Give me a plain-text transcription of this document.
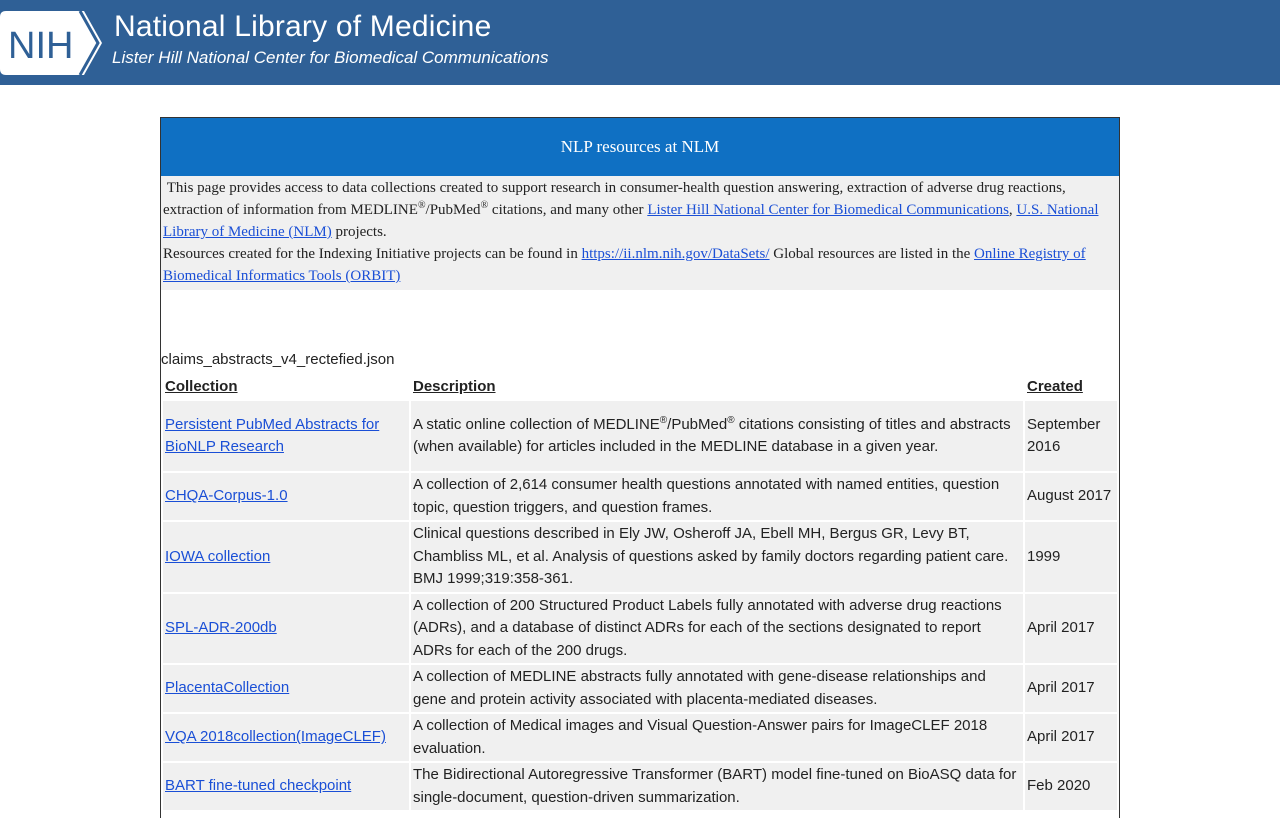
NIH National Library of Medicine
Lister Hill National Center for Biomedical Communications
NLP resources at NLM

This page provides access to data collections created to support research in consumer-health question answering, extraction of adverse drug reactions, extraction of information from MEDLINE®/PubMed® citations, and many other Lister Hill National Center for Biomedical Communications, U.S. National Library of Medicine (NLM) projects.

Resources created for the Indexing Initiative projects can be found in https://ii.nlm.nih.gov/DataSets/ Global resources are listed in the Online Registry of Biomedical Informatics Tools (ORBIT)

claims_abstracts_v4_rectefied.json
Collection	Description	Created
Persistent PubMed Abstracts for BioNLP Research	A static online collection of MEDLINE®/PubMed® citations consisting of titles and abstracts (when available) for articles included in the MEDLINE database in a given year.	September 2016
CHQA-Corpus-1.0	A collection of 2,614 consumer health questions annotated with named entities, question topic, question triggers, and question frames.	August 2017
IOWA collection	Clinical questions described in Ely JW, Osheroff JA, Ebell MH, Bergus GR, Levy BT, Chambliss ML, et al. Analysis of questions asked by family doctors regarding patient care. BMJ 1999;319:358-361.	1999
SPL-ADR-200db	A collection of 200 Structured Product Labels fully annotated with adverse drug reactions (ADRs), and a database of distinct ADRs for each of the sections designated to report ADRs for each of the 200 drugs.	April 2017
PlacentaCollection	A collection of MEDLINE abstracts fully annotated with gene-disease relationships and gene and protein activity associated with placenta-mediated diseases.	April 2017
VQA 2018collection(ImageCLEF)	A collection of Medical images and Visual Question-Answer pairs for ImageCLEF 2018 evaluation.	April 2017
BART fine-tuned checkpoint	The Bidirectional Autoregressive Transformer (BART) model fine-tuned on BioASQ data for single-document, question-driven summarization.	Feb 2020
